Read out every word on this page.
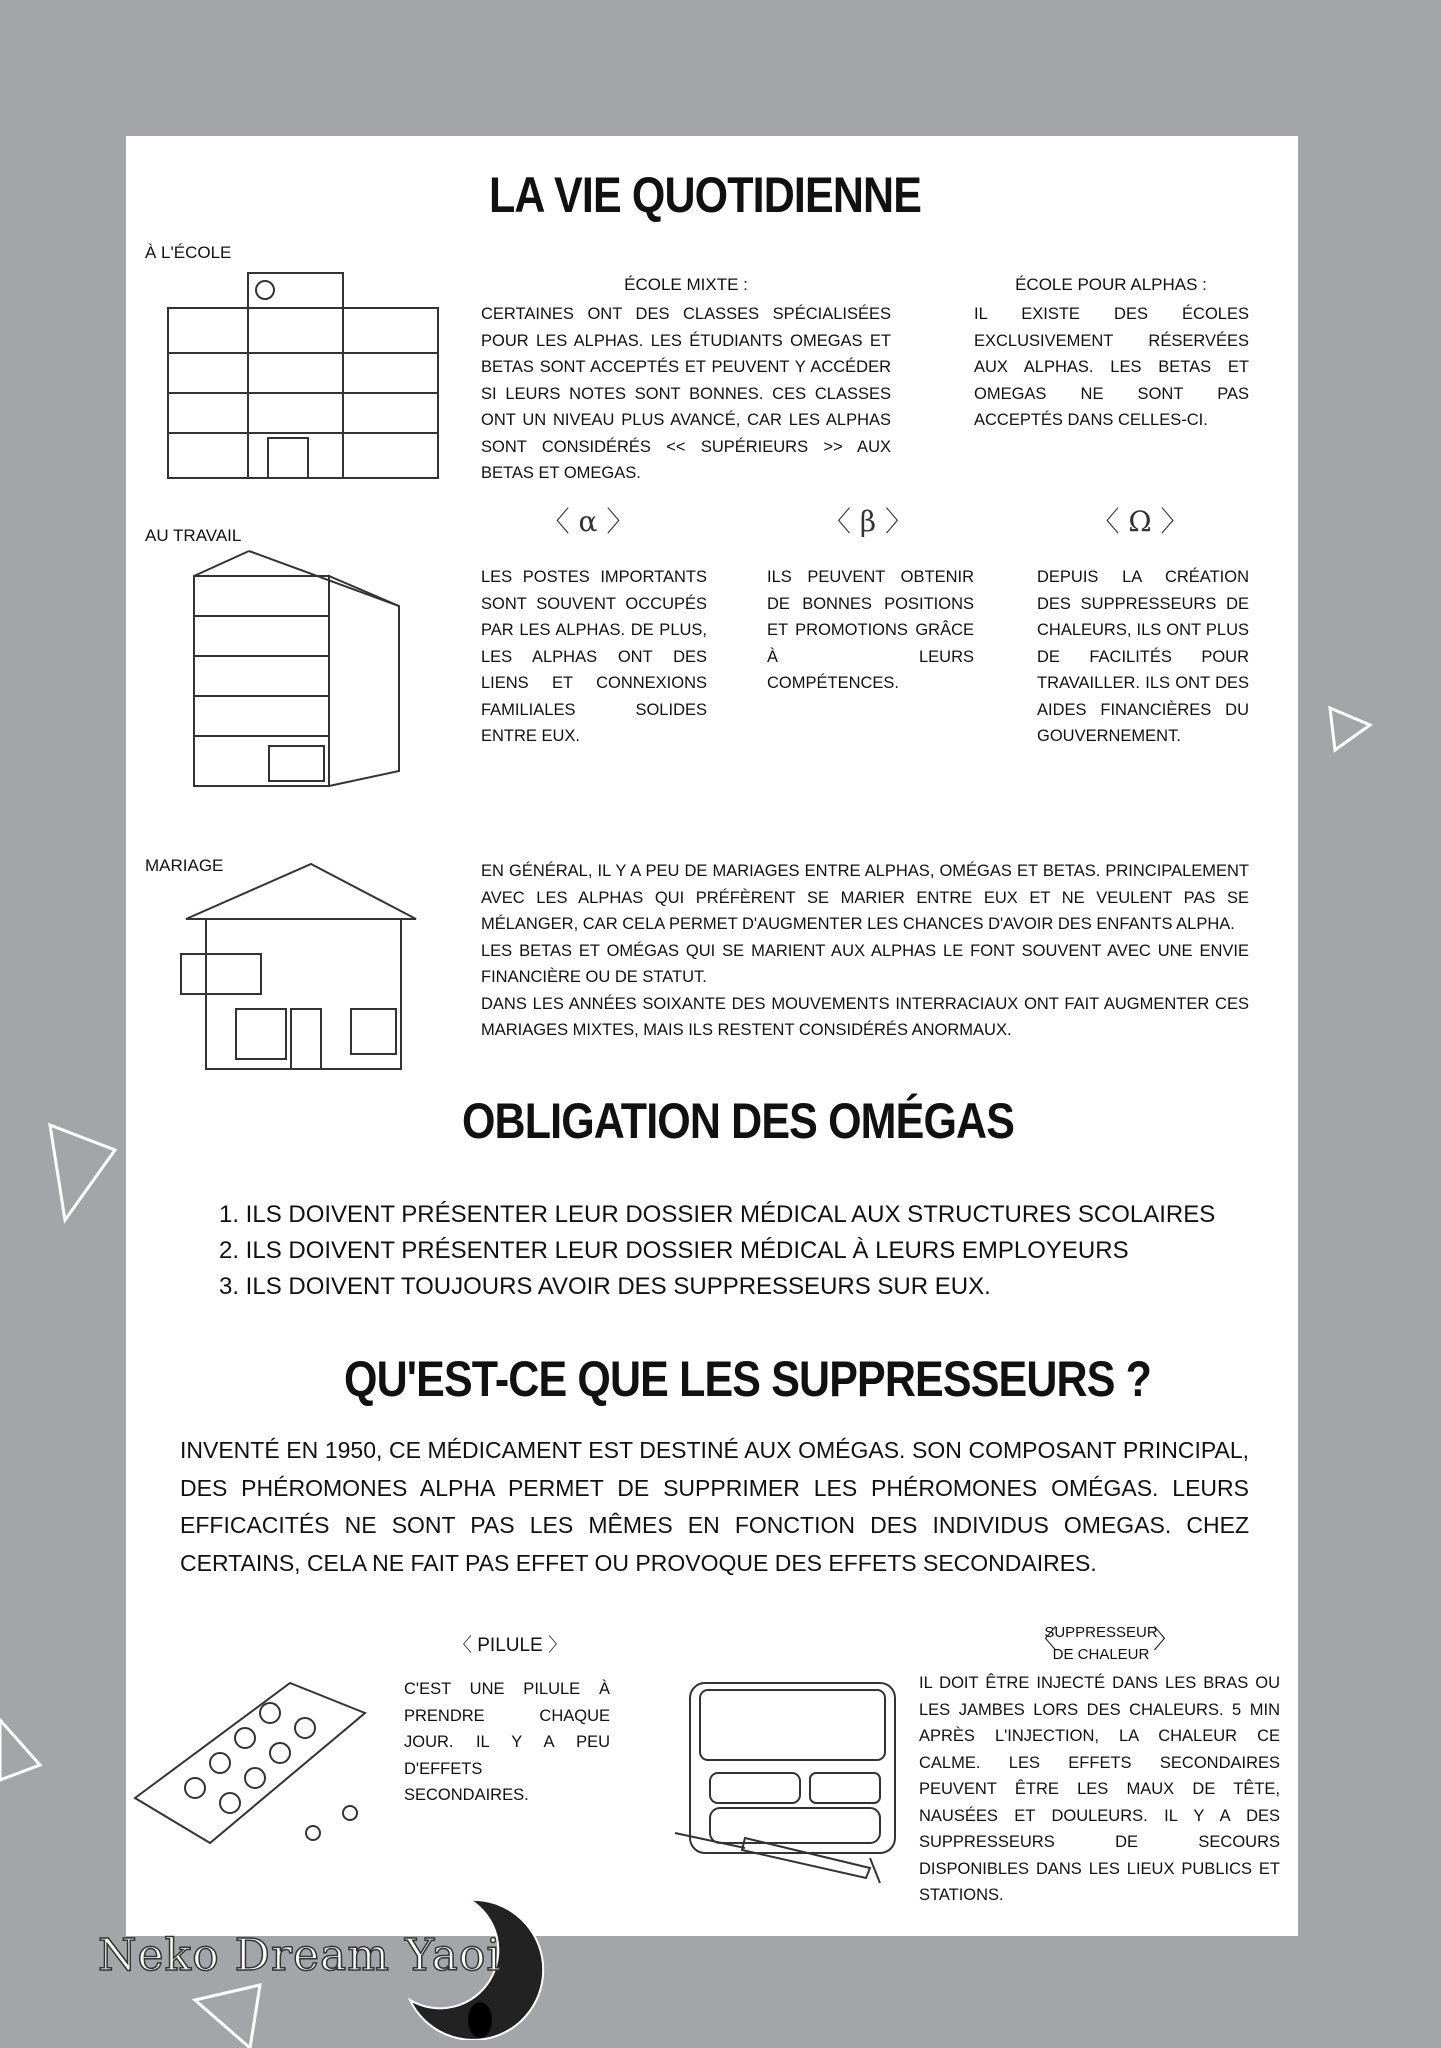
LA VIE QUOTIDIENNE
À L'ÉCOLE
ÉCOLE MIXTE :
CERTAINES ONT DES CLASSES SPÉCIALISÉES POUR LES ALPHAS. LES ÉTUDIANTS OMEGAS ET BETAS SONT ACCEPTÉS ET PEUVENT Y ACCÉDER SI LEURS NOTES SONT BONNES. CES CLASSES ONT UN NIVEAU PLUS AVANCÉ, CAR LES ALPHAS SONT CONSIDÉRÉS << SUPÉRIEURS >> AUX BETAS ET OMEGAS.
ÉCOLE POUR ALPHAS :
IL EXISTE DES ÉCOLES EXCLUSIVEMENT RÉSERVÉES AUX ALPHAS. LES BETAS ET OMEGAS NE SONT PAS ACCEPTÉS DANS CELLES-CI.
AU TRAVAIL	〈 α 〉	〈 β 〉	〈 Ω 〉
LES POSTES IMPORTANTS SONT SOUVENT OCCUPÉS PAR LES ALPHAS. DE PLUS, LES ALPHAS ONT DES LIENS ET CONNEXIONS FAMILIALES SOLIDES ENTRE EUX.
ILS PEUVENT OBTENIR DE BONNES POSITIONS ET PROMOTIONS GRÂCE À LEURS COMPÉTENCES.
DEPUIS LA CRÉATION DES SUPPRESSEURS DE CHALEURS, ILS ONT PLUS DE FACILITÉS POUR TRAVAILLER. ILS ONT DES AIDES FINANCIÈRES DU GOUVERNEMENT.
MARIAGE	EN GÉNÉRAL, IL Y A PEU DE MARIAGES ENTRE ALPHAS, OMÉGAS ET BETAS. PRINCIPALEMENT AVEC LES ALPHAS QUI PRÉFÈRENT SE MARIER ENTRE EUX ET NE VEULENT PAS SE MÉLANGER, CAR CELA PERMET D'AUGMENTER LES CHANCES D'AVOIR DES ENFANTS ALPHA.
LES BETAS ET OMÉGAS QUI SE MARIENT AUX ALPHAS LE FONT SOUVENT AVEC UNE ENVIE FINANCIÈRE OU DE STATUT.
DANS LES ANNÉES SOIXANTE DES MOUVEMENTS INTERRACIAUX ONT FAIT AUGMENTER CES MARIAGES MIXTES, MAIS ILS RESTENT CONSIDÉRÉS ANORMAUX.
OBLIGATION DES OMÉGAS
1. ILS DOIVENT PRÉSENTER LEUR DOSSIER MÉDICAL AUX STRUCTURES SCOLAIRES
2. ILS DOIVENT PRÉSENTER LEUR DOSSIER MÉDICAL À LEURS EMPLOYEURS
3. ILS DOIVENT TOUJOURS AVOIR DES SUPPRESSEURS SUR EUX.
QU'EST-CE QUE LES SUPPRESSEURS ?
INVENTÉ EN 1950, CE MÉDICAMENT EST DESTINÉ AUX OMÉGAS. SON COMPOSANT PRINCIPAL, DES PHÉROMONES ALPHA PERMET DE SUPPRIMER LES PHÉROMONES OMÉGAS. LEURS EFFICACITÉS NE SONT PAS LES MÊMES EN FONCTION DES INDIVIDUS OMEGAS. CHEZ CERTAINS, CELA NE FAIT PAS EFFET OU PROVOQUE DES EFFETS SECONDAIRES.
〈 PILULE 〉
C'EST UNE PILULE À PRENDRE CHAQUE JOUR. IL Y A PEU D'EFFETS SECONDAIRES.
〈
SUPPRESSEUR
DE CHALEUR
〉
IL DOIT ÊTRE INJECTÉ DANS LES BRAS OU LES JAMBES LORS DES CHALEURS. 5 MIN APRÈS L'INJECTION, LA CHALEUR CE CALME. LES EFFETS SECONDAIRES PEUVENT ÊTRE LES MAUX DE TÊTE, NAUSÉES ET DOULEURS. IL Y A DES SUPPRESSEURS DE SECOURS DISPONIBLES DANS LES LIEUX PUBLICS ET STATIONS.
Neko Dream Yaoi
